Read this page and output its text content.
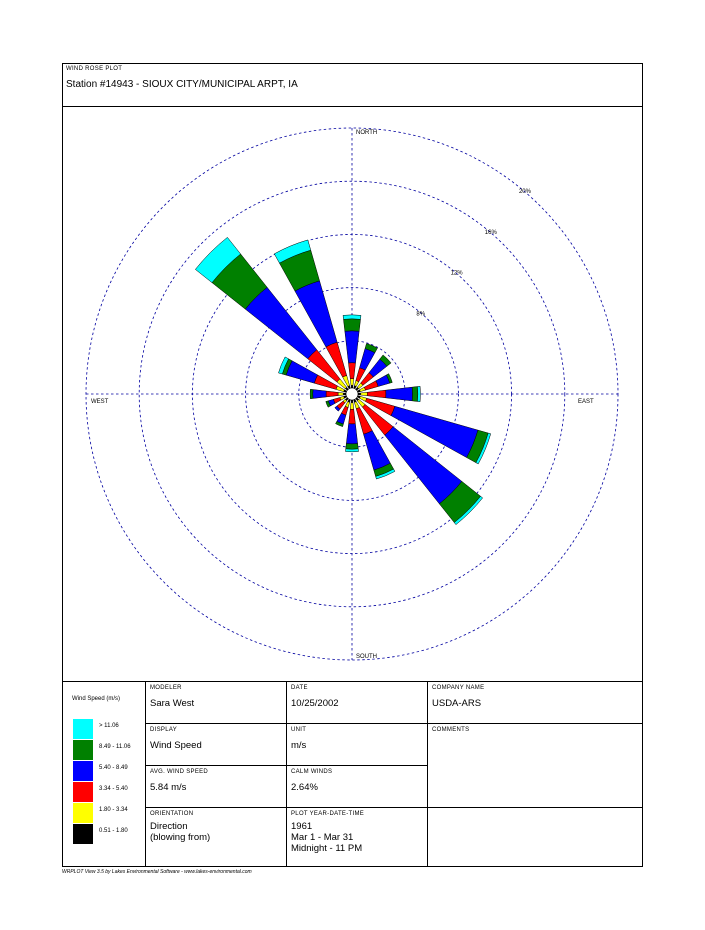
WIND ROSE PLOT
Station #14943 - SIOUX CITY/MUNICIPAL ARPT, IA
8%
12%
16%
20%
NORTH
SOUTH
EAST
WEST
Wind Speed (m/s)
> 11.06
8.49 - 11.06
5.40 - 8.49
3.34 - 5.40
1.80 - 3.34
0.51 - 1.80
MODELER
Sara West
DATE
10/25/2002
COMPANY NAME
USDA-ARS
DISPLAY
Wind Speed
UNIT
m/s
COMMENTS
AVG. WIND SPEED
5.84 m/s
CALM WINDS
2.64%
ORIENTATION
Direction
(blowing from)
PLOT YEAR-DATE-TIME
1961
Mar 1 - Mar 31
Midnight - 11 PM
WRPLOT View 3.5 by Lakes Environmental Software - www.lakes-environmental.com
